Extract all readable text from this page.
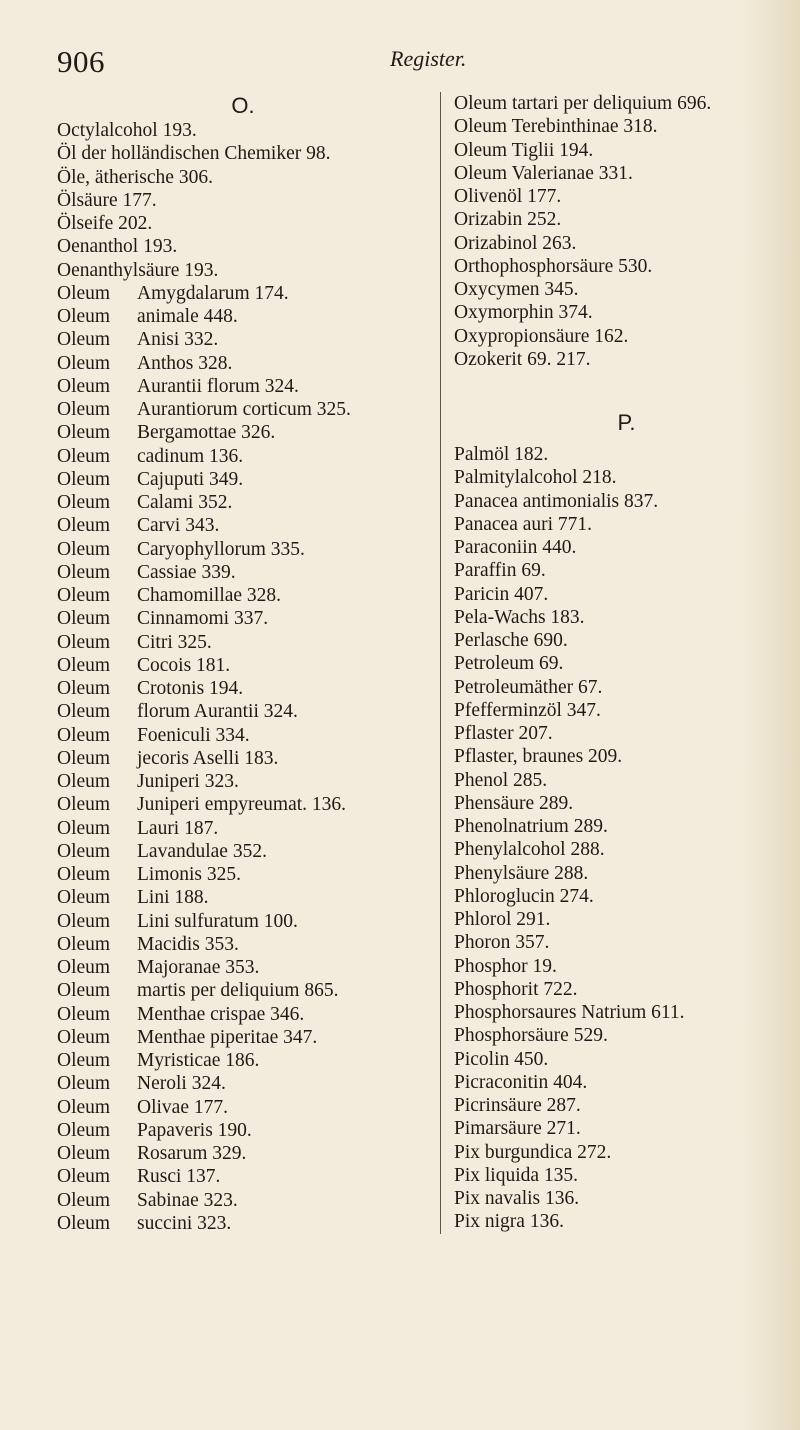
906	Register.
O.
Octylalcohol 193.
Öl der holländischen Chemiker 98.
Öle, ätherische 306.
Ölsäure 177.
Ölseife 202.
Oenanthol 193.
Oenanthylsäure 193.
Oleum Amygdalarum 174.
Oleum animale 448.
Oleum Anisi 332.
Oleum Anthos 328.
Oleum Aurantii florum 324.
Oleum Aurantiorum corticum 325.
Oleum Bergamottae 326.
Oleum cadinum 136.
Oleum Cajuputi 349.
Oleum Calami 352.
Oleum Carvi 343.
Oleum Caryophyllorum 335.
Oleum Cassiae 339.
Oleum Chamomillae 328.
Oleum Cinnamomi 337.
Oleum Citri 325.
Oleum Cocois 181.
Oleum Crotonis 194.
Oleum florum Aurantii 324.
Oleum Foeniculi 334.
Oleum jecoris Aselli 183.
Oleum Juniperi 323.
Oleum Juniperi empyreumat. 136.
Oleum Lauri 187.
Oleum Lavandulae 352.
Oleum Limonis 325.
Oleum Lini 188.
Oleum Lini sulfuratum 100.
Oleum Macidis 353.
Oleum Majoranae 353.
Oleum martis per deliquium 865.
Oleum Menthae crispae 346.
Oleum Menthae piperitae 347.
Oleum Myristicae 186.
Oleum Neroli 324.
Oleum Olivae 177.
Oleum Papaveris 190.
Oleum Rosarum 329.
Oleum Rusci 137.
Oleum Sabinae 323.
Oleum succini 323.
Oleum tartari per deliquium 696.
Oleum Terebinthinae 318.
Oleum Tiglii 194.
Oleum Valerianae 331.
Olivenöl 177.
Orizabin 252.
Orizabinol 263.
Orthophosphorsäure 530.
Oxycymen 345.
Oxymorphin 374.
Oxypropionsäure 162.
Ozokerit 69. 217.
P.
Palmöl 182.
Palmitylalcohol 218.
Panacea antimonialis 837.
Panacea auri 771.
Paraconiin 440.
Paraffin 69.
Paricin 407.
Pela-Wachs 183.
Perlasche 690.
Petroleum 69.
Petroleumäther 67.
Pfefferminzöl 347.
Pflaster 207.
Pflaster, braunes 209.
Phenol 285.
Phensäure 289.
Phenolnatrium 289.
Phenylalcohol 288.
Phenylsäure 288.
Phloroglucin 274.
Phlorol 291.
Phoron 357.
Phosphor 19.
Phosphorit 722.
Phosphorsaures Natrium 611.
Phosphorsäure 529.
Picolin 450.
Picraconitin 404.
Picrinsäure 287.
Pimarsäure 271.
Pix burgundica 272.
Pix liquida 135.
Pix navalis 136.
Pix nigra 136.
